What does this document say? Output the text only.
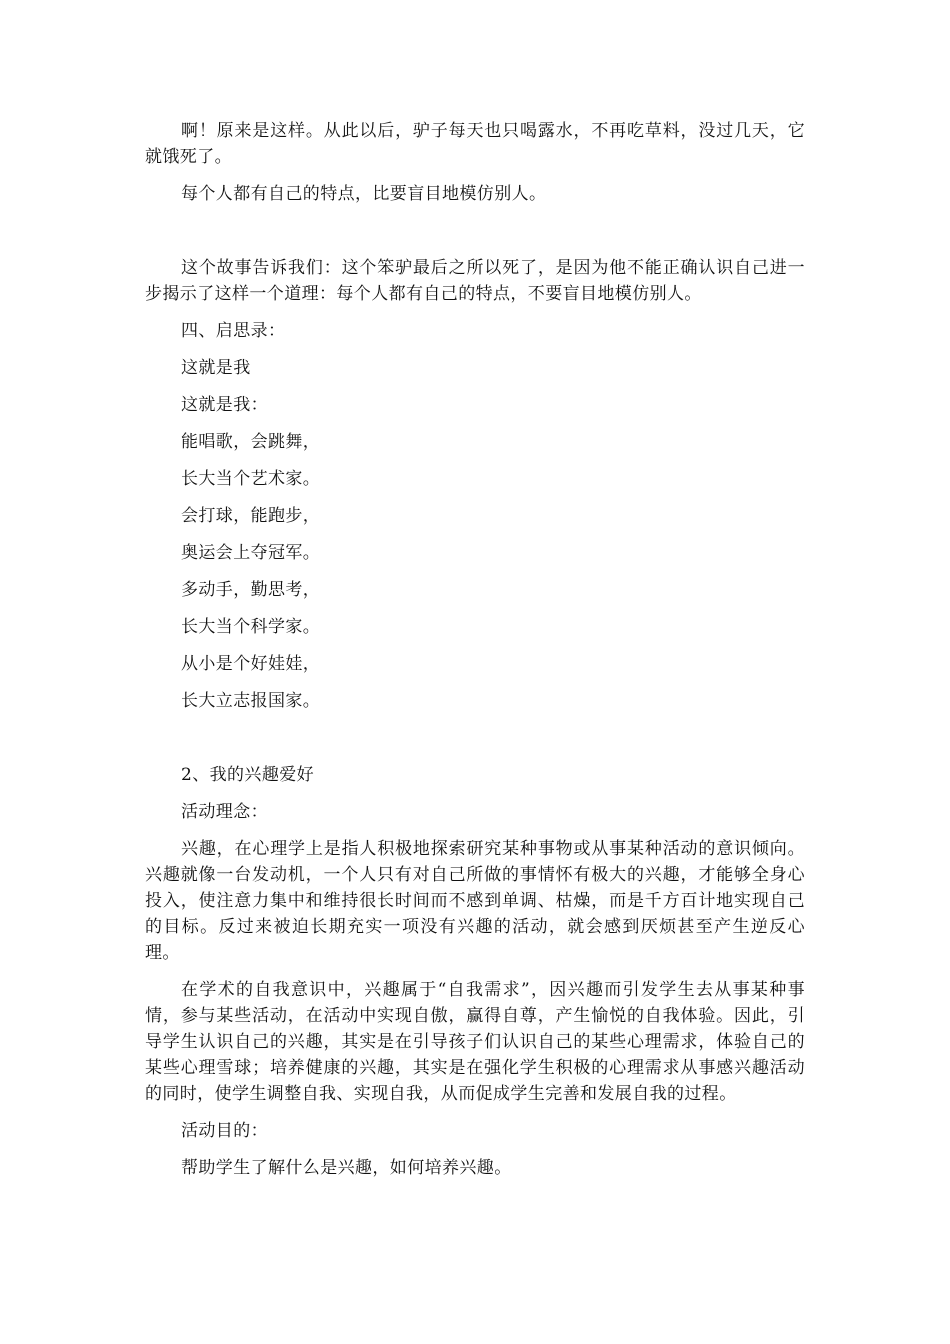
啊！原来是这样。从此以后，驴子每天也只喝露水，不再吃草料，没过几天，它就饿死了。

每个人都有自己的特点，比要盲目地模仿别人。

这个故事告诉我们：这个笨驴最后之所以死了，是因为他不能正确认识自己进一步揭示了这样一个道理：每个人都有自己的特点，不要盲目地模仿别人。

四、启思录：

这就是我

这就是我：

能唱歌，会跳舞，

长大当个艺术家。

会打球，能跑步，

奥运会上夺冠军。

多动手，勤思考，

长大当个科学家。

从小是个好娃娃，

长大立志报国家。

2、我的兴趣爱好

活动理念：

兴趣，在心理学上是指人积极地探索研究某种事物或从事某种活动的意识倾向。兴趣就像一台发动机，一个人只有对自己所做的事情怀有极大的兴趣，才能够全身心投入，使注意力集中和维持很长时间而不感到单调、枯燥，而是千方百计地实现自己的目标。反过来被迫长期充实一项没有兴趣的活动，就会感到厌烦甚至产生逆反心理。

在学术的自我意识中，兴趣属于“自我需求”，因兴趣而引发学生去从事某种事情，参与某些活动，在活动中实现自傲，赢得自尊，产生愉悦的自我体验。因此，引导学生认识自己的兴趣，其实是在引导孩子们认识自己的某些心理需求，体验自己的某些心理雪球；培养健康的兴趣，其实是在强化学生积极的心理需求从事感兴趣活动的同时，使学生调整自我、实现自我，从而促成学生完善和发展自我的过程。

活动目的：

帮助学生了解什么是兴趣，如何培养兴趣。
